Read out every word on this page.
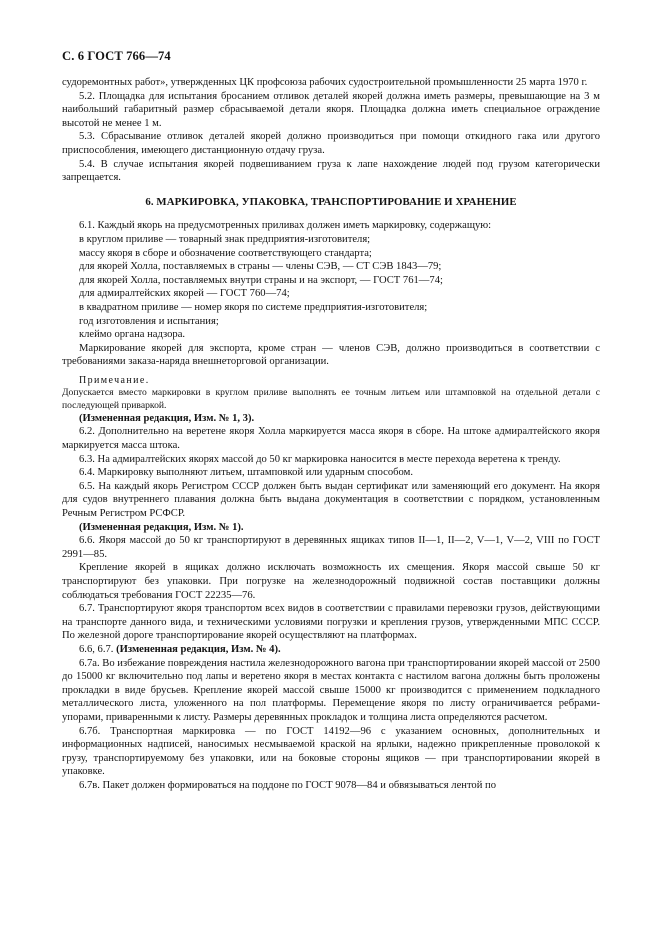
С. 6 ГОСТ 766—74

судоремонтных работ», утвержденных ЦК профсоюза рабочих судостроительной промышленности 25 марта 1970 г.

5.2. Площадка для испытания бросанием отливок деталей якорей должна иметь размеры, превышающие на 3 м наибольший габаритный размер сбрасываемой детали якоря. Площадка должна иметь специальное ограждение высотой не менее 1 м.

5.3. Сбрасывание отливок деталей якорей должно производиться при помощи откидного гака или другого приспособления, имеющего дистанционную отдачу груза.

5.4. В случае испытания якорей подвешиванием груза к лапе нахождение людей под грузом категорически запрещается.

6. МАРКИРОВКА, УПАКОВКА, ТРАНСПОРТИРОВАНИЕ И ХРАНЕНИЕ

6.1. Каждый якорь на предусмотренных приливах должен иметь маркировку, содержащую:

в круглом приливе — товарный знак предприятия-изготовителя;

массу якоря в сборе и обозначение соответствующего стандарта;

для якорей Холла, поставляемых в страны — члены СЭВ, — СТ СЭВ 1843—79;

для якорей Холла, поставляемых внутри страны и на экспорт, — ГОСТ 761—74;

для адмиралтейских якорей — ГОСТ 760—74;

в квадратном приливе — номер якоря по системе предприятия-изготовителя;

год изготовления и испытания;

клеймо органа надзора.

Маркирование якорей для экспорта, кроме стран — членов СЭВ, должно производиться в соответствии с требованиями заказа-наряда внешнеторговой организации.

Примечание.

Допускается вместо маркировки в круглом приливе выполнять ее точным литьем или штамповкой на отдельной детали с последующей приваркой.

(Измененная редакция, Изм. № 1, 3).

6.2. Дополнительно на веретене якоря Холла маркируется масса якоря в сборе. На штоке адмиралтейского якоря маркируется масса штока.

6.3. На адмиралтейских якорях массой до 50 кг маркировка наносится в месте перехода веретена к тренду.

6.4. Маркировку выполняют литьем, штамповкой или ударным способом.

6.5. На каждый якорь Регистром СССР должен быть выдан сертификат или заменяющий его документ. На якоря для судов внутреннего плавания должна быть выдана документация в соответствии с порядком, установленным Речным Регистром РСФСР.

(Измененная редакция, Изм. № 1).

6.6. Якоря массой до 50 кг транспортируют в деревянных ящиках типов II—1, II—2, V—1, V—2, VIII по ГОСТ 2991—85.

Крепление якорей в ящиках должно исключать возможность их смещения. Якоря массой свыше 50 кг транспортируют без упаковки. При погрузке на железнодорожный подвижной состав поставщики должны соблюдаться требования ГОСТ 22235—76.

6.7. Транспортируют якоря транспортом всех видов в соответствии с правилами перевозки грузов, действующими на транспорте данного вида, и техническими условиями погрузки и крепления грузов, утвержденными МПС СССР. По железной дороге транспортирование якорей осуществляют на платформах.

6.6, 6.7. (Измененная редакция, Изм. № 4).

6.7а. Во избежание повреждения настила железнодорожного вагона при транспортировании якорей массой от 2500 до 15000 кг включительно под лапы и веретено якоря в местах контакта с настилом вагона должны быть проложены прокладки в виде брусьев. Крепление якорей массой свыше 15000 кг производится с применением подкладного металлического листа, уложенного на пол платформы. Перемещение якоря по листу ограничивается ребрами-упорами, приваренными к листу. Размеры деревянных прокладок и толщина листа определяются расчетом.

6.7б. Транспортная маркировка — по ГОСТ 14192—96 с указанием основных, дополнительных и информационных надписей, наносимых несмываемой краской на ярлыки, надежно прикрепленные проволокой к грузу, транспортируемому без упаковки, или на боковые стороны ящиков — при транспортировании якорей в упаковке.

6.7в. Пакет должен формироваться на поддоне по ГОСТ 9078—84 и обвязываться лентой по
